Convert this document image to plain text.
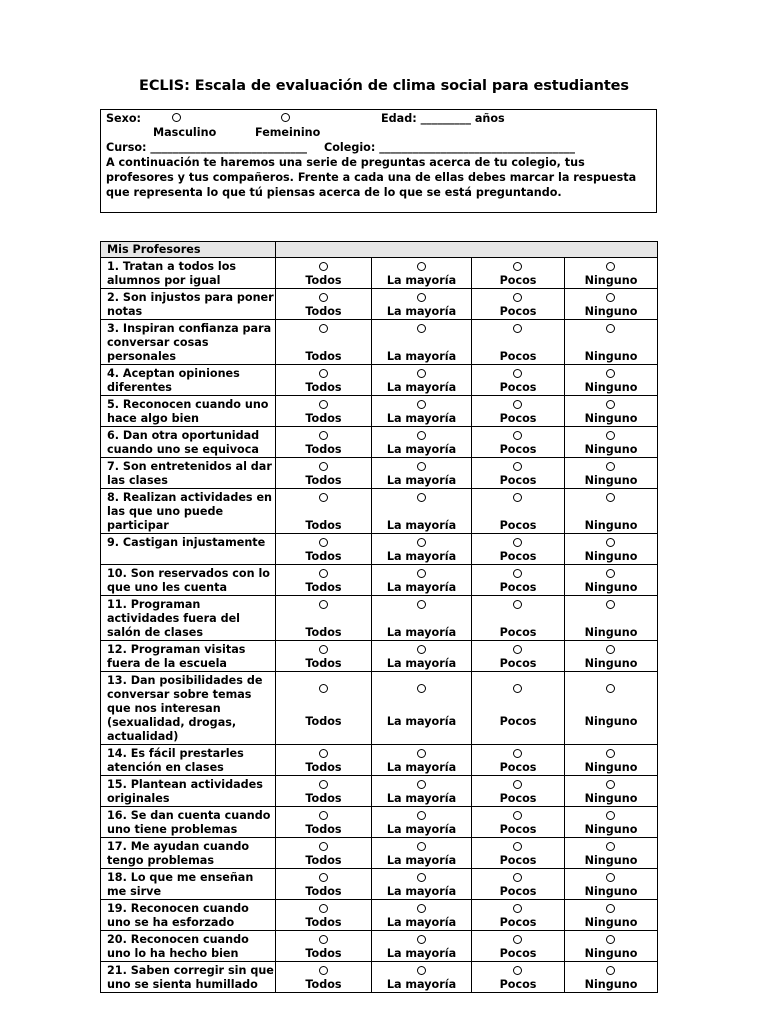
ECLIS: Escala de evaluación de clima social para estudiantes
Sexo:	Edad: _________ años
Masculino	Femeinino
Curso: ____________________________ Colegio: ___________________________________
A continuación te haremos una serie de preguntas acerca de tu colegio, tus profesores y tus compañeros. Frente a cada una de ellas debes marcar la respuesta que representa lo que tú piensas acerca de lo que se está preguntando.
Mis Profesores				
1. Tratan a todos los alumnos por igual	Todos	La mayoría	Pocos	Ninguno

2. Son injustos para poner notas	Todos	La mayoría	Pocos	Ninguno

3. Inspiran confianza para conversar cosas personales	Todos	La mayoría	Pocos	Ninguno

4. Aceptan opiniones diferentes	Todos	La mayoría	Pocos	Ninguno

5. Reconocen cuando uno hace algo bien	Todos	La mayoría	Pocos	Ninguno

6. Dan otra oportunidad cuando uno se equivoca	Todos	La mayoría	Pocos	Ninguno

7. Son entretenidos al dar las clases	Todos	La mayoría	Pocos	Ninguno

8. Realizan actividades en las que uno puede participar	Todos	La mayoría	Pocos	Ninguno

9. Castigan injustamente	Todos	La mayoría	Pocos	Ninguno

10. Son reservados con lo que uno les cuenta	Todos	La mayoría	Pocos	Ninguno

11. Programan actividades fuera del salón de clases	Todos	La mayoría	Pocos	Ninguno

12. Programan visitas fuera de la escuela	Todos	La mayoría	Pocos	Ninguno

13. Dan posibilidades de conversar sobre temas que nos interesan (sexualidad, drogas, actualidad)	Todos	La mayoría	Pocos	Ninguno

14. Es fácil prestarles atención en clases	Todos	La mayoría	Pocos	Ninguno

15. Plantean actividades originales	Todos	La mayoría	Pocos	Ninguno

16. Se dan cuenta cuando uno tiene problemas	Todos	La mayoría	Pocos	Ninguno

17. Me ayudan cuando tengo problemas	Todos	La mayoría	Pocos	Ninguno

18. Lo que me enseñan me sirve	Todos	La mayoría	Pocos	Ninguno

19. Reconocen cuando uno se ha esforzado	Todos	La mayoría	Pocos	Ninguno

20. Reconocen cuando uno lo ha hecho bien	Todos	La mayoría	Pocos	Ninguno

21. Saben corregir sin que uno se sienta humillado	Todos	La mayoría	Pocos	Ninguno
